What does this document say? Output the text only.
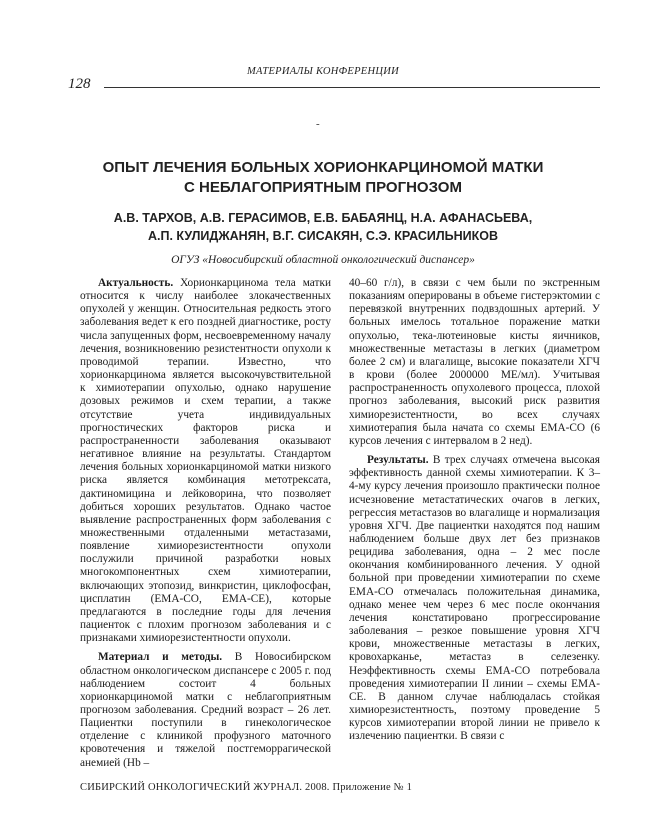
МАТЕРИАЛЫ КОНФЕРЕНЦИИ
128
-
ОПЫТ ЛЕЧЕНИЯ БОЛЬНЫХ ХОРИОНКАРЦИНОМОЙ МАТКИ
С НЕБЛАГОПРИЯТНЫМ ПРОГНОЗОМ
А.В. ТАРХОВ, А.В. ГЕРАСИМОВ, Е.В. БАБАЯНЦ, Н.А. АФАНАСЬЕВА,
А.П. КУЛИДЖАНЯН, В.Г. СИСАКЯН, С.Э. КРАСИЛЬНИКОВ
ОГУЗ «Новосибирский областной онкологический диспансер»

Актуальность. Хорионкарцинома тела матки относится к числу наиболее злокачественных опухолей у женщин. Относительная редкость этого заболевания ведет к его поздней диагностике, росту числа запущенных форм, несвоевременному началу лечения, возникновению резистентности опухоли к проводимой терапии. Известно, что хорионкарцинома является высокочувствительной к химиотерапии опухолью, однако нарушение дозовых режимов и схем терапии, а также отсутствие учета индивидуальных прогностических факторов риска и распространенности заболевания оказывают негативное влияние на результаты. Стандартом лечения больных хорионкарциномой матки низкого риска является комбинация метотрексата, дактиномицина и лейковорина, что позволяет добиться хороших результатов. Однако частое выявление распространенных форм заболевания с множественными отдаленными метастазами, появление химиорезистентности опухоли послужили причиной разработки новых многокомпонентных схем химиотерапии, включающих этопозид, винкристин, циклофосфан, цисплатин (ЕМА-СО, ЕМА-СЕ), которые предлагаются в последние годы для лечения пациенток с плохим прогнозом заболевания и с признаками химиорезистентности опухоли.

Материал и методы. В Новосибирском областном онкологическом диспансере с 2005 г. под наблюдением состоит 4 больных хорионкарциномой матки с неблагоприятным прогнозом заболевания. Средний возраст – 26 лет. Пациентки поступили в гинекологическое отделение с клиникой профузного маточного кровотечения и тяжелой постгеморрагической анемией (Hb –

40–60 г/л), в связи с чем были по экстренным показаниям оперированы в объеме гистерэктомии с перевязкой внутренних подвздошных артерий. У больных имелось тотальное поражение матки опухолью, тека-лютеиновые кисты яичников, множественные метастазы в легких (диаметром более 2 см) и влагалище, высокие показатели ХГЧ в крови (более 2000000 МЕ/мл). Учитывая распространенность опухолевого процесса, плохой прогноз заболевания, высокий риск развития химиорезистентности, во всех случаях химиотерапия была начата со схемы ЕМА-СО (6 курсов лечения с интервалом в 2 нед).

Результаты. В трех случаях отмечена высокая эффективность данной схемы химиотерапии. К 3–4-му курсу лечения произошло практически полное исчезновение метастатических очагов в легких, регрессия метастазов во влагалище и нормализация уровня ХГЧ. Две пациентки находятся под нашим наблюдением больше двух лет без признаков рецидива заболевания, одна – 2 мес после окончания комбинированного лечения. У одной больной при проведении химиотерапии по схеме ЕМА-СО отмечалась положительная динамика, однако менее чем через 6 мес после окончания лечения констатировано прогрессирование заболевания – резкое повышение уровня ХГЧ крови, множественные метастазы в легких, кровохарканье, метастаз в селезенку. Неэффективность схемы ЕМА-СО потребовала проведения химиотерапии II линии – схемы ЕМА-СЕ. В данном случае наблюдалась стойкая химиорезистентность, поэтому проведение 5 курсов химиотерапии второй линии не привело к излечению пациентки. В связи с

СИБИРСКИЙ ОНКОЛОГИЧЕСКИЙ ЖУРНАЛ. 2008. Приложение № 1
